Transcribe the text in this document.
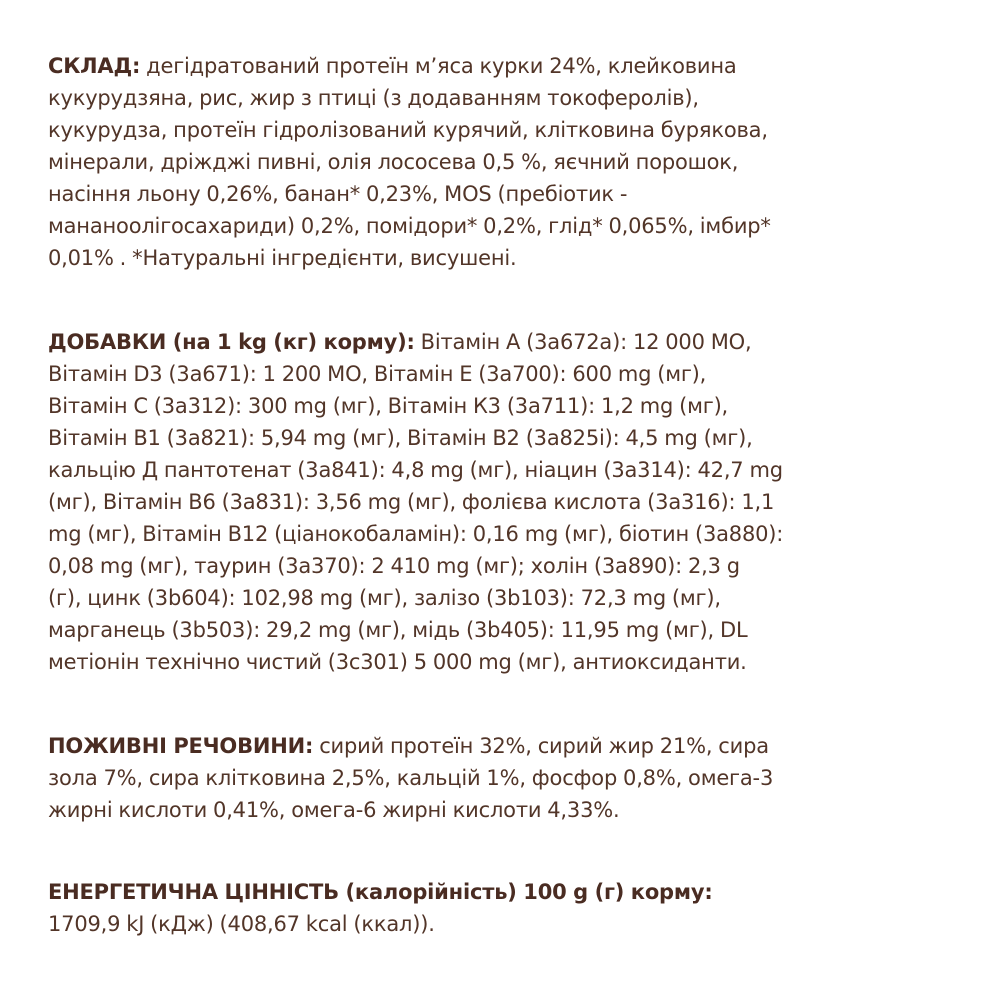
СКЛАД: дегідратований протеїн м’яса курки 24%, клейковина
кукурудзяна, рис, жир з птиці (з додаванням токоферолів),
кукурудза, протеїн гідролізований курячий, клітковина бурякова,
мінерали, дріжджі пивні, олія лососева 0,5 %, яєчний порошок,
насіння льону 0,26%, банан* 0,23%, MOS (пребіотик -
мананоолігосахариди) 0,2%, помідори* 0,2%, глід* 0,065%, імбир*
0,01% . *Натуральні інгредієнти, висушені.
ДОБАВКИ (на 1 kg (кг) корму): Вітамін А (3a672a): 12 000 МО,
Вітамін D3 (3a671): 1 200 МО, Вітамін Е (3a700): 600 mg (мг),
Вітамін С (3a312): 300 mg (мг), Вітамін К3 (3a711): 1,2 mg (мг),
Вітамін В1 (3a821): 5,94 mg (мг), Вітамін В2 (3a825i): 4,5 mg (мг),
кальцію Д пантотенат (3a841): 4,8 mg (мг), ніацин (3a314): 42,7 mg
(мг), Вітамін В6 (3a831): 3,56 mg (мг), фолієва кислота (3a316): 1,1
mg (мг), Вітамін В12 (ціанокобаламін): 0,16 mg (мг), біотин (3a880):
0,08 mg (мг), таурин (3a370): 2 410 mg (мг); холін (3a890): 2,3 g
(г), цинк (3b604): 102,98 mg (мг), залізо (3b103): 72,3 mg (мг),
марганець (3b503): 29,2 mg (мг), мідь (3b405): 11,95 mg (мг), DL
метіонін технічно чистий (3c301) 5 000 mg (мг), антиоксиданти.
ПОЖИВНІ РЕЧОВИНИ: сирий протеїн 32%, сирий жир 21%, сира
зола 7%, сира клітковина 2,5%, кальцій 1%, фосфор 0,8%, омега-3
жирні кислоти 0,41%, омега-6 жирні кислоти 4,33%.
ЕНЕРГЕТИЧНА ЦІННІСТЬ (калорійність) 100 g (г) корму:
1709,9 kJ (кДж) (408,67 kcal (ккал)).
